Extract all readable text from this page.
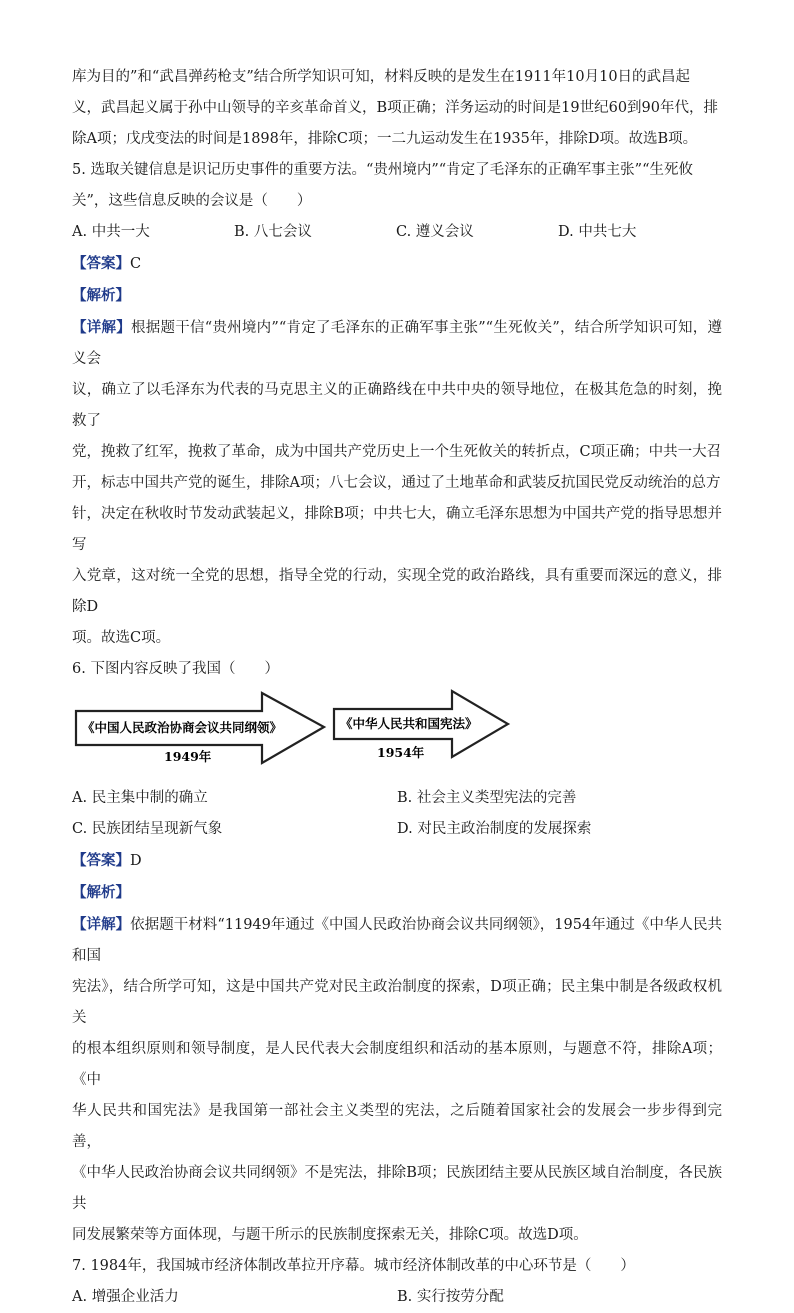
库为目的”和“武昌弹药枪支”结合所学知识可知，材料反映的是发生在1911年10月10日的武昌起

义，武昌起义属于孙中山领导的辛亥革命首义，B项正确；洋务运动的时间是19世纪60到90年代，排

除A项；戊戌变法的时间是1898年，排除C项；一二九运动发生在1935年，排除D项。故选B项。

5. 选取关键信息是识记历史事件的重要方法。“贵州境内”“肯定了毛泽东的正确军事主张”“生死攸

关”，这些信息反映的会议是（　　）

A. 中共一大	B. 八七会议	C. 遵义会议	D. 中共七大

【答案】C

【解析】

【详解】根据题干信“贵州境内”“肯定了毛泽东的正确军事主张”“生死攸关”，结合所学知识可知，遵义会

议，确立了以毛泽东为代表的马克思主义的正确路线在中共中央的领导地位，在极其危急的时刻，挽救了

党，挽救了红军，挽救了革命，成为中国共产党历史上一个生死攸关的转折点，C项正确；中共一大召

开，标志中国共产党的诞生，排除A项；八七会议，通过了土地革命和武装反抗国民党反动统治的总方

针，决定在秋收时节发动武装起义，排除B项；中共七大，确立毛泽东思想为中国共产党的指导思想并写

入党章，这对统一全党的思想，指导全党的行动，实现全党的政治路线，具有重要而深远的意义，排除D

项。故选C项。

6. 下图内容反映了我国（　　）

《中国人民政治协商会议共同纲领》
1949年
《中华人民共和国宪法》
1954年
A. 民主集中制的确立	B. 社会主义类型宪法的完善
C. 民族团结呈现新气象	D. 对民主政治制度的发展探索

【答案】D

【解析】

【详解】依据题干材料“11949年通过《中国人民政治协商会议共同纲领》，1954年通过《中华人民共和国

宪法》，结合所学可知，这是中国共产党对民主政治制度的探索，D项正确；民主集中制是各级政权机关

的根本组织原则和领导制度，是人民代表大会制度组织和活动的基本原则，与题意不符，排除A项；《中

华人民共和国宪法》是我国第一部社会主义类型的宪法，之后随着国家社会的发展会一步步得到完善，

《中华人民政治协商会议共同纲领》不是宪法，排除B项；民族团结主要从民族区域自治制度，各民族共

同发展繁荣等方面体现，与题干所示的民族制度探索无关，排除C项。故选D项。

7. 1984年，我国城市经济体制改革拉开序幕。城市经济体制改革的中心环节是（　　）

A. 增强企业活力	B. 实行按劳分配
